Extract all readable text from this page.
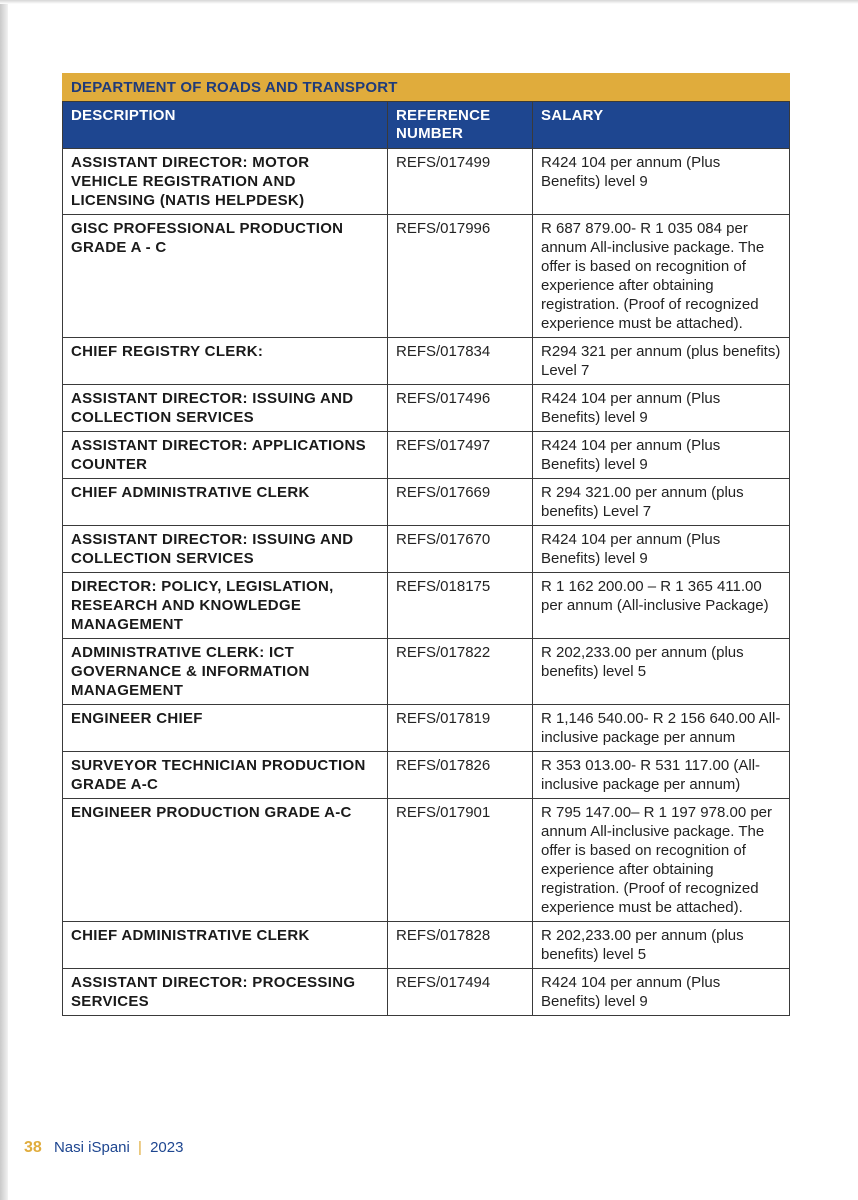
DEPARTMENT OF ROADS AND TRANSPORT		
DESCRIPTION	REFERENCE NUMBER	SALARY
ASSISTANT DIRECTOR: MOTOR VEHICLE REGISTRATION AND LICENSING (NATIS HELPDESK)	REFS/017499	R424 104 per annum (Plus Benefits) level 9
GISC PROFESSIONAL PRODUCTION GRADE A - C	REFS/017996	R 687 879.00- R 1 035 084 per annum All-inclusive package. The offer is based on recognition of experience after obtaining registration. (Proof of recognized experience must be attached).
CHIEF REGISTRY CLERK:	REFS/017834	R294 321 per annum (plus benefits) Level 7
ASSISTANT DIRECTOR: ISSUING AND COLLECTION SERVICES	REFS/017496	R424 104 per annum (Plus Benefits) level 9
ASSISTANT DIRECTOR: APPLICATIONS COUNTER	REFS/017497	R424 104 per annum (Plus Benefits) level 9
CHIEF ADMINISTRATIVE CLERK	REFS/017669	R 294 321.00 per annum (plus benefits) Level 7
ASSISTANT DIRECTOR: ISSUING AND COLLECTION SERVICES	REFS/017670	R424 104 per annum (Plus Benefits) level 9
DIRECTOR: POLICY, LEGISLATION, RESEARCH AND KNOWLEDGE MANAGEMENT	REFS/018175	R 1 162 200.00 – R 1 365 411.00 per annum (All-inclusive Package)
ADMINISTRATIVE CLERK: ICT GOVERNANCE & INFORMATION MANAGEMENT	REFS/017822	R 202,233.00 per annum (plus benefits) level 5
ENGINEER CHIEF	REFS/017819	R 1,146 540.00- R 2 156 640.00 All-inclusive package per annum
SURVEYOR TECHNICIAN PRODUCTION GRADE A-C	REFS/017826	R 353 013.00- R 531 117.00 (All-inclusive package per annum)
ENGINEER PRODUCTION GRADE A-C	REFS/017901	R 795 147.00– R 1 197 978.00 per annum All-inclusive package. The offer is based on recognition of experience after obtaining registration. (Proof of recognized experience must be attached).
CHIEF ADMINISTRATIVE CLERK	REFS/017828	R 202,233.00 per annum (plus benefits) level 5
ASSISTANT DIRECTOR: PROCESSING SERVICES	REFS/017494	R424 104 per annum (Plus Benefits) level 9
38 Nasi iSpani | 2023
